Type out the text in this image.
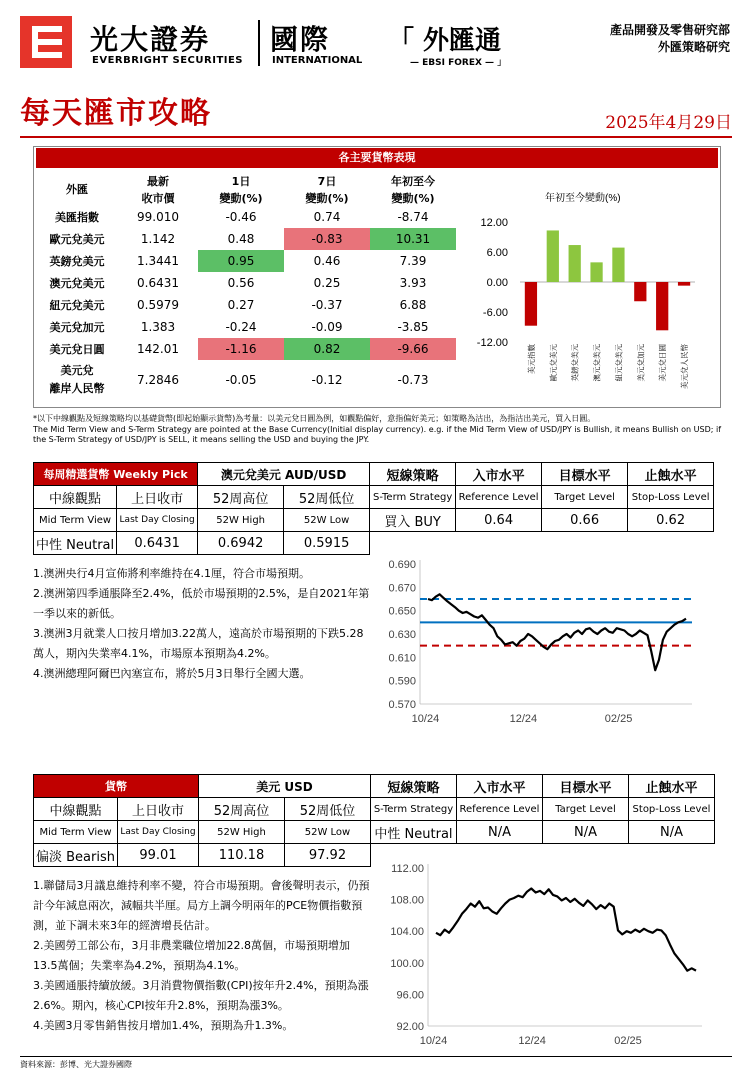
光大證券
EVERBRIGHT SECURITIES
國際
INTERNATIONAL
「 外匯通
— EBSI FOREX — 」
產品開發及零售研究部
外匯策略研究
每天匯市攻略	2025年4月29日
各主要貨幣表現
外匯	最新	1日	7日	年初至今
	收市價	變動(%)	變動(%)	變動(%)
美匯指數	99.010	-0.46	0.74	-8.74
歐元兌美元	1.142	0.48	-0.83	10.31
英鎊兌美元	1.3441	0.95	0.46	7.39
澳元兌美元	0.6431	0.56	0.25	3.93
紐元兌美元	0.5979	0.27	-0.37	6.88
美元兌加元	1.383	-0.24	-0.09	-3.85
美元兌日圓	142.01	-1.16	0.82	-9.66

美元兌
離岸人民幣	7.2846	-0.05	-0.12	-0.73
年初至今變動(%)
12.00
6.00
0.00
-6.00
-12.00
美元指數 歐元兌美元 英鎊兌美元 澳元兌美元 紐元兌美元 美元兌加元 美元兌日圓 美元兌人民幣
*以下中線觀點及短線策略均以基礎貨幣(即起始顯示貨幣)為考量：以美元兌日圓為例，如觀點偏好，意指偏好美元；如策略為沽出，為指沽出美元，買入日圓。
The Mid Term View and S-Term Strategy are pointed at the Base Currency(Initial display currency). e.g. if the Mid Term View of USD/JPY is Bullish, it means Bullish on USD; if the S-Term Strategy of USD/JPY is SELL, it means selling the USD and buying the JPY.
每周精選貨幣 Weekly Pick		澳元兌美元 AUD/USD		短線策略	入市水平	目標水平	止蝕水平
中線觀點	上日收市	52周高位	52周低位	S-Term Strategy	Reference Level	Target Level	Stop-Loss Level
Mid Term View	Last Day Closing	52W High	52W Low	買入 BUY	0.64	0.66	0.62
中性 Neutral	0.6431	0.6942	0.5915				
1.澳洲央行4月宣佈將利率維持在4.1厘，符合市場預期。
2.澳洲第四季通脹降至2.4%，低於市場預期的2.5%，是自2021年第一季以來的新低。
3.澳洲3月就業人口按月增加3.22萬人，遠高於市場預期的下跌5.28萬人，期內失業率4.1%，市場原本預期為4.2%。
4.澳洲總理阿爾巴內塞宣布，將於5月3日舉行全國大選。
0.690
0.670
0.650
0.630
0.610
0.590
0.570
10/24	12/24	02/25
貨幣		美元 USD		短線策略	入市水平	目標水平	止蝕水平
中線觀點	上日收市	52周高位	52周低位	S-Term Strategy	Reference Level	Target Level	Stop-Loss Level
Mid Term View	Last Day Closing	52W High	52W Low	中性 Neutral	N/A	N/A	N/A
偏淡 Bearish	99.01	110.18	97.92				
1.聯儲局3月議息維持利率不變，符合市場預期。會後聲明表示，仍預計今年減息兩次，減幅共半厘。局方上調今明兩年的PCE物價指數預測，並下調未來3年的經濟增長估計。
2.美國勞工部公布，3月非農業職位增加22.8萬個，市場預期增加13.5萬個；失業率為4.2%，預期為4.1%。
3.美國通脹持續放緩。3月消費物價指數(CPI)按年升2.4%，預期為漲2.6%。期內，核心CPI按年升2.8%，預期為漲3%。
4.美國3月零售銷售按月增加1.4%，預期為升1.3%。
112.00
108.00
104.00
100.00
96.00
92.00
10/24	12/24	02/25
資料來源：彭博、光大證券國際
